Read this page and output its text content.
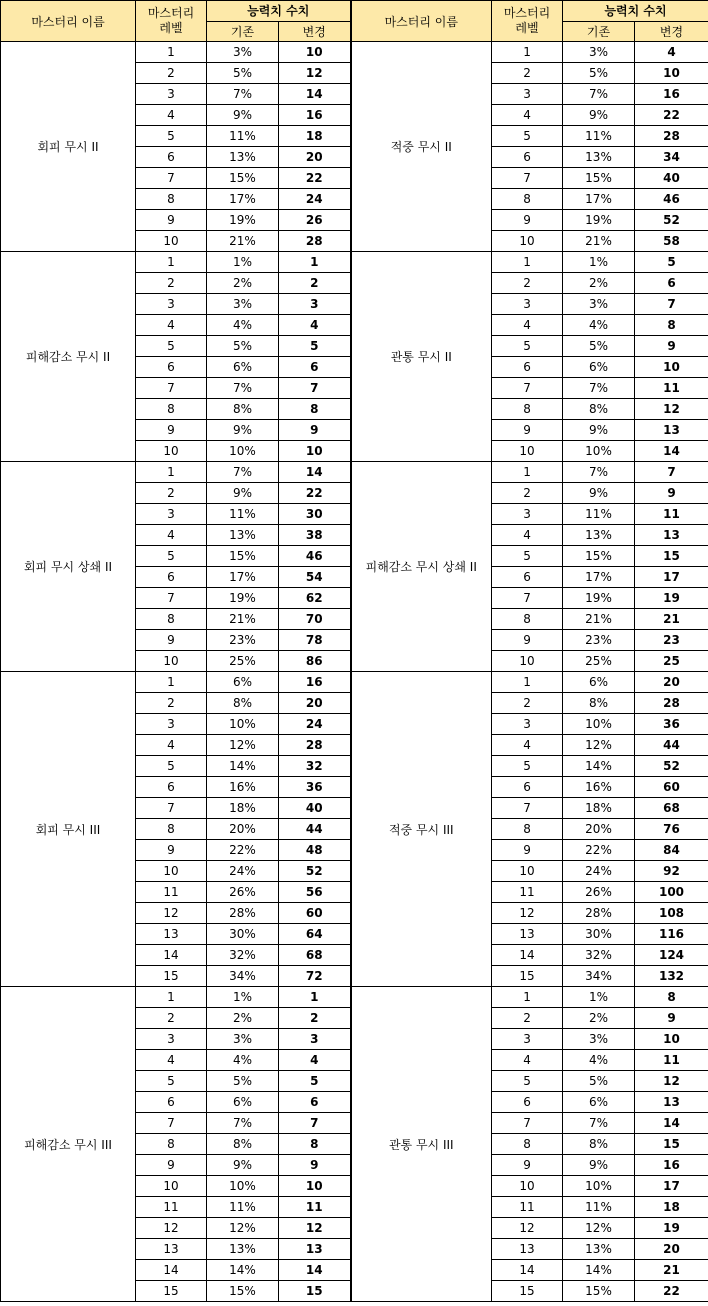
마스터리 이름	마스터리 레벨	능력치 수치		마스터리 이름	마스터리 레벨	능력치 수치	
		기존	변경			기존	변경
회피 무시 II	1	3%	10	적중 무시 II	1	3%	4
	2	5%	12		2	5%	10
	3	7%	14		3	7%	16
	4	9%	16		4	9%	22
	5	11%	18		5	11%	28
	6	13%	20		6	13%	34
	7	15%	22		7	15%	40
	8	17%	24		8	17%	46
	9	19%	26		9	19%	52
	10	21%	28		10	21%	58
피해감소 무시 II	1	1%	1	관통 무시 II	1	1%	5
	2	2%	2		2	2%	6
	3	3%	3		3	3%	7
	4	4%	4		4	4%	8
	5	5%	5		5	5%	9
	6	6%	6		6	6%	10
	7	7%	7		7	7%	11
	8	8%	8		8	8%	12
	9	9%	9		9	9%	13
	10	10%	10		10	10%	14
회피 무시 상쇄 II	1	7%	14	피해감소 무시 상쇄 II	1	7%	7
	2	9%	22		2	9%	9
	3	11%	30		3	11%	11
	4	13%	38		4	13%	13
	5	15%	46		5	15%	15
	6	17%	54		6	17%	17
	7	19%	62		7	19%	19
	8	21%	70		8	21%	21
	9	23%	78		9	23%	23
	10	25%	86		10	25%	25
회피 무시 III	1	6%	16	적중 무시 III	1	6%	20
	2	8%	20		2	8%	28
	3	10%	24		3	10%	36
	4	12%	28		4	12%	44
	5	14%	32		5	14%	52
	6	16%	36		6	16%	60
	7	18%	40		7	18%	68
	8	20%	44		8	20%	76
	9	22%	48		9	22%	84
	10	24%	52		10	24%	92
	11	26%	56		11	26%	100
	12	28%	60		12	28%	108
	13	30%	64		13	30%	116
	14	32%	68		14	32%	124
	15	34%	72		15	34%	132
피해감소 무시 III	1	1%	1	관통 무시 III	1	1%	8
	2	2%	2		2	2%	9
	3	3%	3		3	3%	10
	4	4%	4		4	4%	11
	5	5%	5		5	5%	12
	6	6%	6		6	6%	13
	7	7%	7		7	7%	14
	8	8%	8		8	8%	15
	9	9%	9		9	9%	16
	10	10%	10		10	10%	17
	11	11%	11		11	11%	18
	12	12%	12		12	12%	19
	13	13%	13		13	13%	20
	14	14%	14		14	14%	21
	15	15%	15		15	15%	22
